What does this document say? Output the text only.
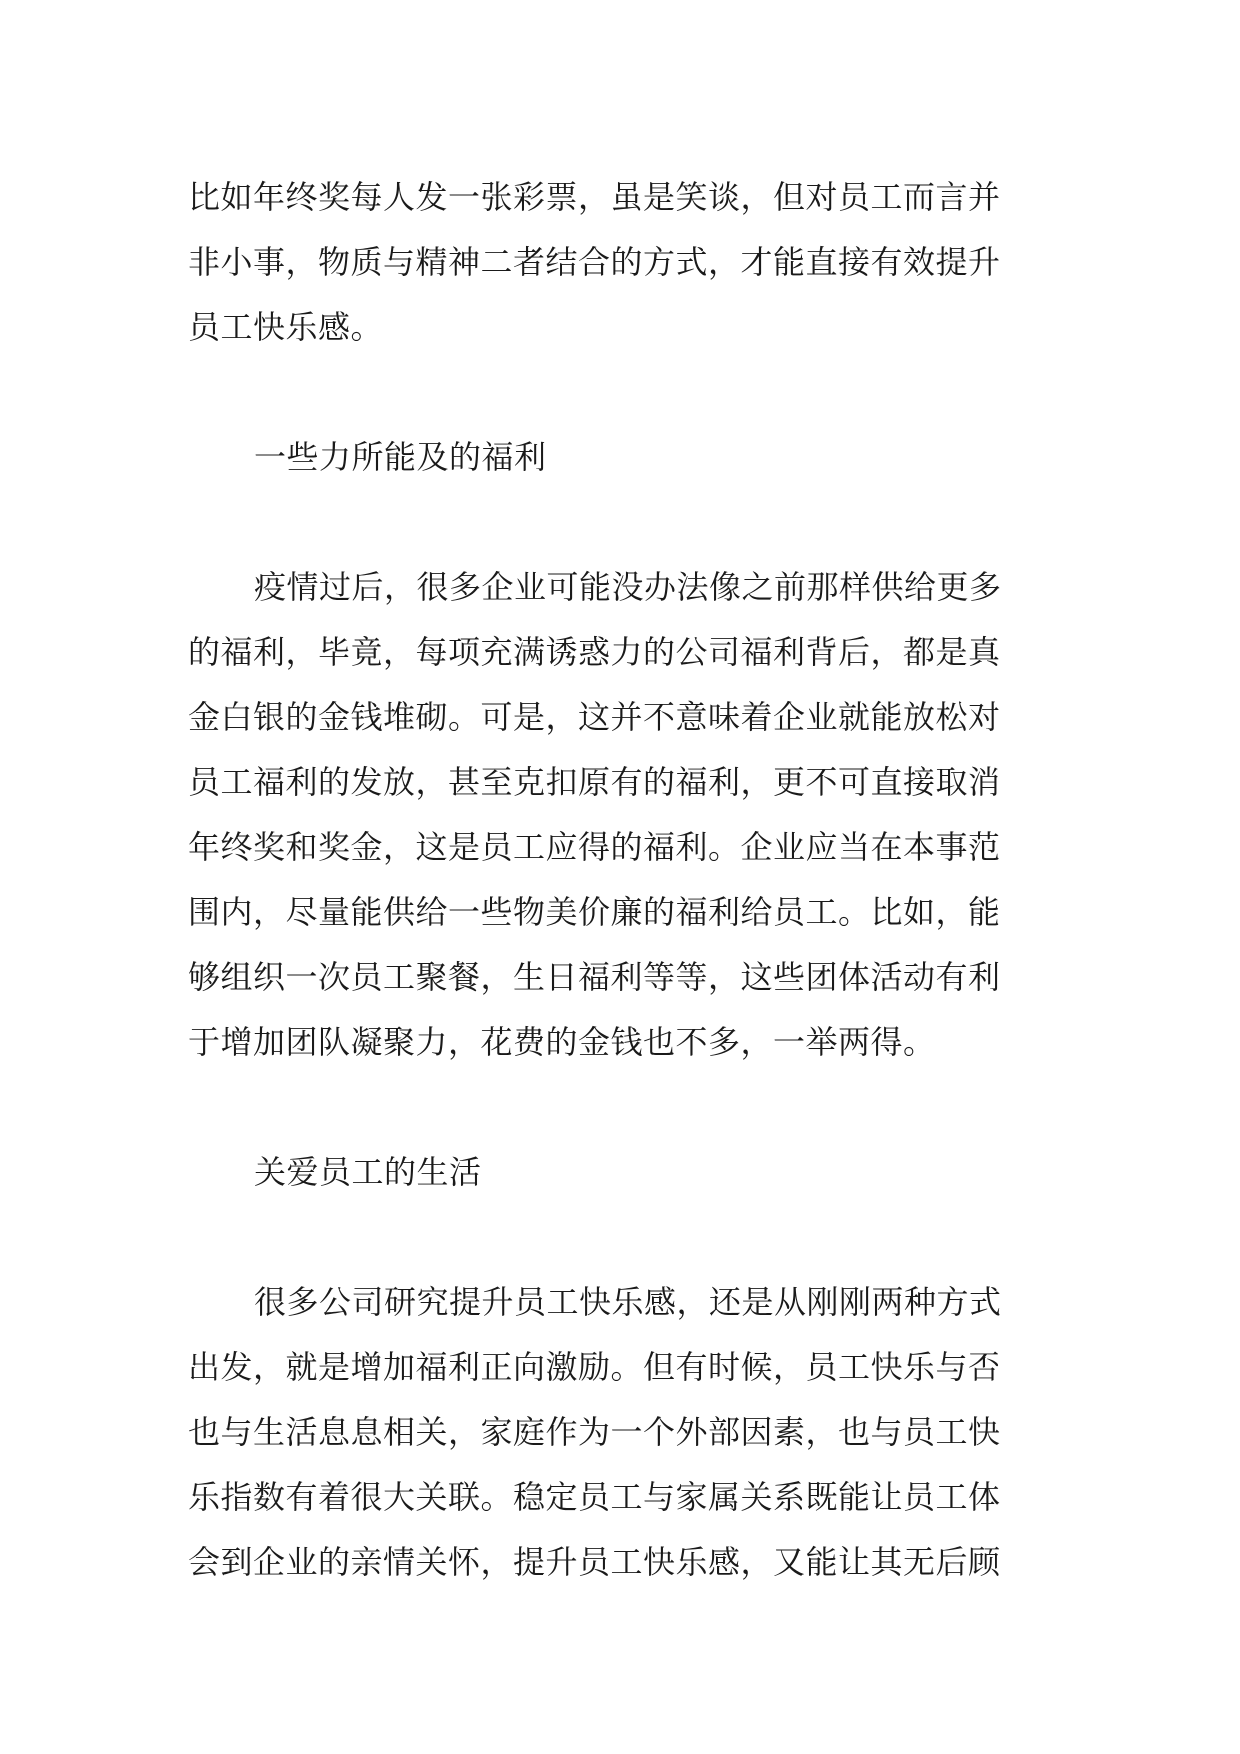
比如年终奖每人发一张彩票，虽是笑谈，但对员工而言并
非小事，物质与精神二者结合的方式，才能直接有效提升
员工快乐感。
一些力所能及的福利
疫情过后，很多企业可能没办法像之前那样供给更多
的福利，毕竟，每项充满诱惑力的公司福利背后，都是真
金白银的金钱堆砌。可是，这并不意味着企业就能放松对
员工福利的发放，甚至克扣原有的福利，更不可直接取消
年终奖和奖金，这是员工应得的福利。企业应当在本事范
围内，尽量能供给一些物美价廉的福利给员工。比如，能
够组织一次员工聚餐，生日福利等等，这些团体活动有利
于增加团队凝聚力，花费的金钱也不多，一举两得。
关爱员工的生活
很多公司研究提升员工快乐感，还是从刚刚两种方式
出发，就是增加福利正向激励。但有时候，员工快乐与否
也与生活息息相关，家庭作为一个外部因素，也与员工快
乐指数有着很大关联。稳定员工与家属关系既能让员工体
会到企业的亲情关怀，提升员工快乐感，又能让其无后顾
